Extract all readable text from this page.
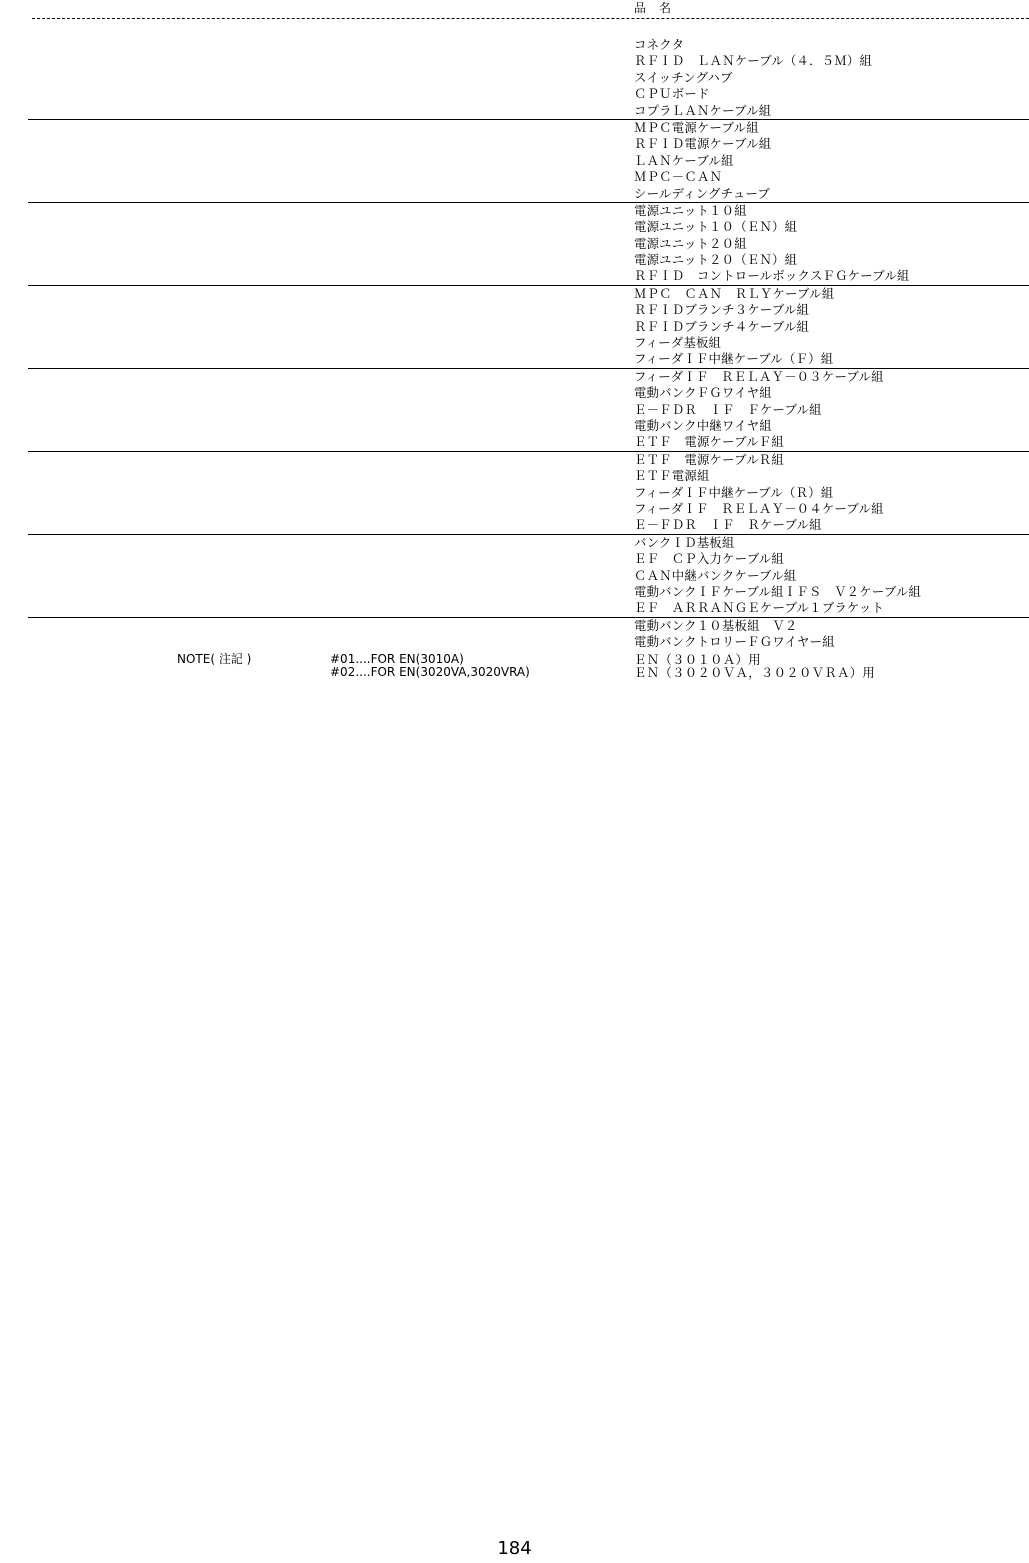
品　名
コネクタ
ＲＦＩＤ　ＬＡＮケーブル（４．５Ｍ）組
スイッチングハブ
ＣＰＵボード
コプラＬＡＮケーブル組
ＭＰＣ電源ケーブル組
ＲＦＩＤ電源ケーブル組
ＬＡＮケーブル組
ＭＰＣ－ＣＡＮ
シールディングチューブ
電源ユニット１０組
電源ユニット１０（ＥＮ）組
電源ユニット２０組
電源ユニット２０（ＥＮ）組
ＲＦＩＤ　コントロールボックスＦＧケーブル組
ＭＰＣ　ＣＡＮ　ＲＬＹケーブル組
ＲＦＩＤブランチ３ケーブル組
ＲＦＩＤブランチ４ケーブル組
フィーダ基板組
フィーダＩＦ中継ケーブル（Ｆ）組
フィーダＩＦ　ＲＥＬＡＹ－０３ケーブル組
電動バンクＦＧワイヤ組
Ｅ－ＦＤＲ　ＩＦ　Ｆケーブル組
電動バンク中継ワイヤ組
ＥＴＦ　電源ケーブルＦ組
ＥＴＦ　電源ケーブルＲ組
ＥＴＦ電源組
フィーダＩＦ中継ケーブル（Ｒ）組
フィーダＩＦ　ＲＥＬＡＹ－０４ケーブル組
Ｅ－ＦＤＲ　ＩＦ　Ｒケーブル組
バンクＩＤ基板組
ＥＦ　ＣＰ入力ケーブル組
ＣＡＮ中継バンクケーブル組
電動バンクＩＦケーブル組ＩＦＳ　Ｖ２ケーブル組
ＥＦ　ＡＲＲＡＮＧＥケーブル１ブラケット
電動バンク１０基板組　Ｖ２
電動バンクトロリーＦＧワイヤー組
NOTE( 注記 )	#01....FOR EN(3010A)
#02....FOR EN(3020VA,3020VRA)
ＥＮ（３０１０Ａ）用
ＥＮ（３０２０ＶＡ，３０２０ＶＲＡ）用
184
